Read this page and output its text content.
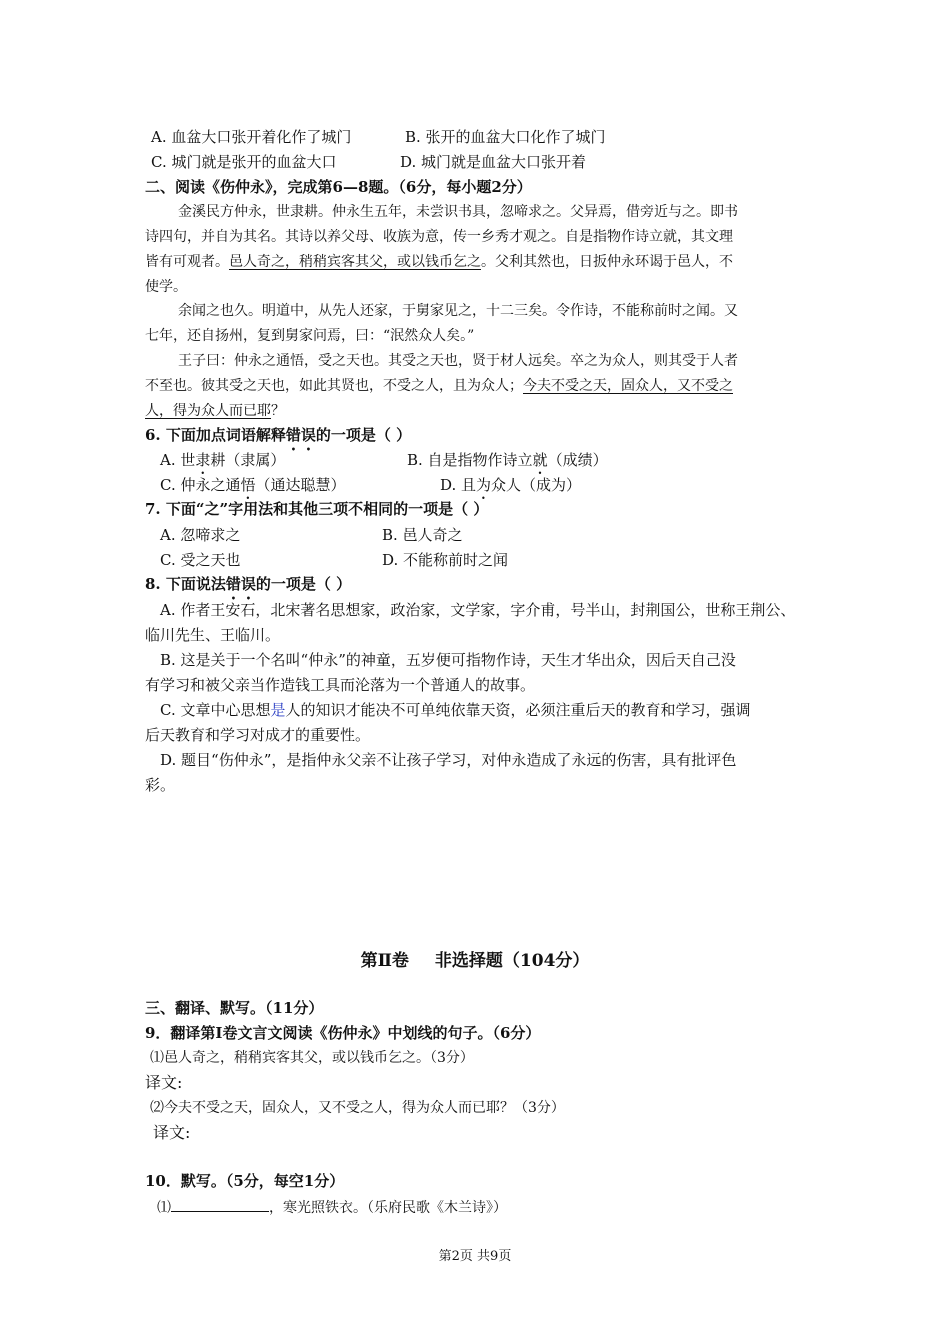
A. 血盆大口张开着化作了城门	B. 张开的血盆大口化作了城门
C. 城门就是张开的血盆大口	D. 城门就是血盆大口张开着
二、阅读《伤仲永》，完成第6—8题。（6分，每小题2分）
金溪民方仲永，世隶耕。仲永生五年，未尝识书具，忽啼求之。父异焉，借旁近与之。即书
诗四句，并自为其名。其诗以养父母、收族为意，传一乡秀才观之。自是指物作诗立就，其文理
皆有可观者。邑人奇之，稍稍宾客其父，或以钱币乞之。父利其然也，日扳仲永环谒于邑人，不
使学。
余闻之也久。明道中，从先人还家，于舅家见之，十二三矣。令作诗，不能称前时之闻。又
七年，还自扬州，复到舅家问焉，曰：“泯然众人矣。”
王子曰：仲永之通悟，受之天也。其受之天也，贤于材人远矣。卒之为众人，则其受于人者
不至也。彼其受之天也，如此其贤也，不受之人，且为众人；今夫不受之天，固众人，又不受之
人，得为众人而已耶？
6. 下面加点词语解释错误的一项是（ ）
A. 世隶耕（隶属）	B. 自是指物作诗立就（成绩）
C. 仲永之通悟（通达聪慧）	D. 且为众人（成为）
7. 下面“之”字用法和其他三项不相同的一项是（ ）
A. 忽啼求之	B. 邑人奇之
C. 受之天也	D. 不能称前时之闻
8. 下面说法错误的一项是（ ）
A. 作者王安石，北宋著名思想家，政治家，文学家，字介甫，号半山，封荆国公，世称王荆公、
临川先生、王临川。
B. 这是关于一个名叫“仲永”的神童，五岁便可指物作诗，天生才华出众，因后天自己没
有学习和被父亲当作造钱工具而沦落为一个普通人的故事。
C. 文章中心思想是人的知识才能决不可单纯依靠天资，必须注重后天的教育和学习，强调
后天教育和学习对成才的重要性。
D. 题目“伤仲永”，是指仲永父亲不让孩子学习，对仲永造成了永远的伤害，具有批评色
彩。
第Ⅱ卷 非选择题（104分）
三、翻译、默写。（11分）
9．翻译第Ⅰ卷文言文阅读《伤仲永》中划线的句子。（6分）
⑴邑人奇之，稍稍宾客其父，或以钱币乞之。（3分）
译文:
⑵今夫不受之天，固众人，又不受之人，得为众人而已耶？（3分）
译文:
10．默写。（5分，每空1分）
⑴	，寒光照铁衣。（乐府民歌《木兰诗》）
第2页 共9页
